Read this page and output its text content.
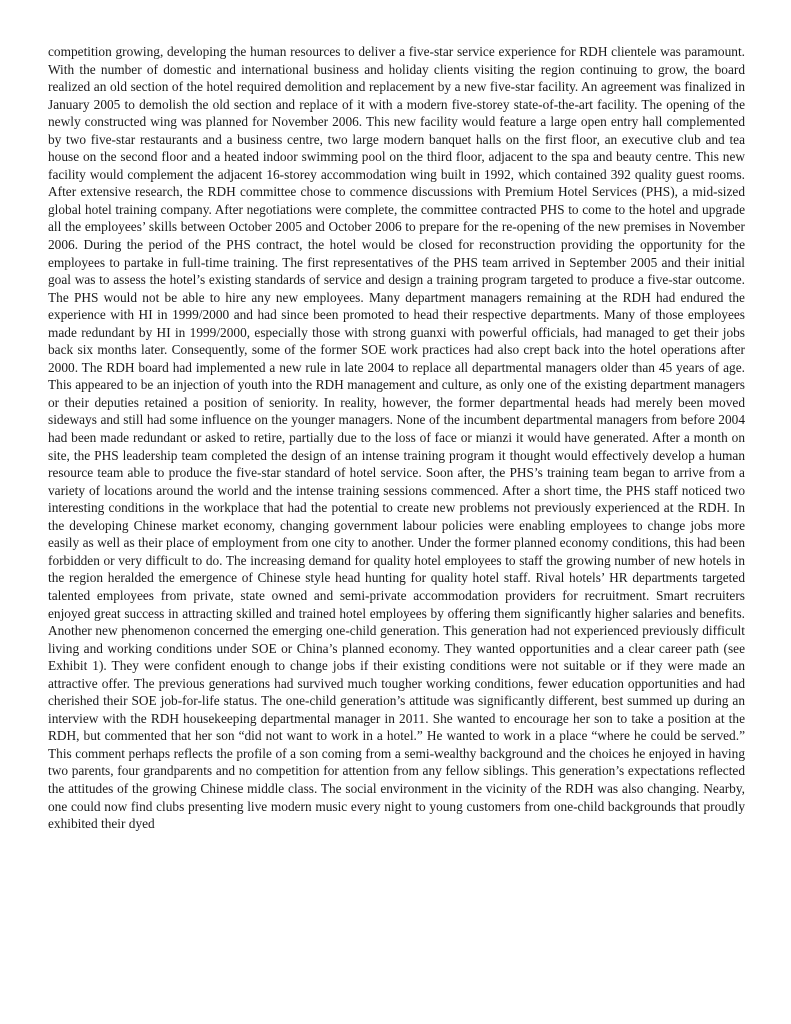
competition growing, developing the human resources to deliver a five-star service experience for RDH clientele was paramount. With the number of domestic and international business and holiday clients visiting the region continuing to grow, the board realized an old section of the hotel required demolition and replacement by a new five-star facility. An agreement was finalized in January 2005 to demolish the old section and replace of it with a modern five-storey state-of-the-art facility. The opening of the newly constructed wing was planned for November 2006. This new facility would feature a large open entry hall complemented by two five-star restaurants and a business centre, two large modern banquet halls on the first floor, an executive club and tea house on the second floor and a heated indoor swimming pool on the third floor, adjacent to the spa and beauty centre. This new facility would complement the adjacent 16-storey accommodation wing built in 1992, which contained 392 quality guest rooms. After extensive research, the RDH committee chose to commence discussions with Premium Hotel Services (PHS), a mid-sized global hotel training company. After negotiations were complete, the committee contracted PHS to come to the hotel and upgrade all the employees’ skills between October 2005 and October 2006 to prepare for the re-opening of the new premises in November 2006. During the period of the PHS contract, the hotel would be closed for reconstruction providing the opportunity for the employees to partake in full-time training. The first representatives of the PHS team arrived in September 2005 and their initial goal was to assess the hotel’s existing standards of service and design a training program targeted to produce a five-star outcome. The PHS would not be able to hire any new employees. Many department managers remaining at the RDH had endured the experience with HI in 1999/2000 and had since been promoted to head their respective departments. Many of those employees made redundant by HI in 1999/2000, especially those with strong guanxi with powerful officials, had managed to get their jobs back six months later. Consequently, some of the former SOE work practices had also crept back into the hotel operations after 2000. The RDH board had implemented a new rule in late 2004 to replace all departmental managers older than 45 years of age. This appeared to be an injection of youth into the RDH management and culture, as only one of the existing department managers or their deputies retained a position of seniority. In reality, however, the former departmental heads had merely been moved sideways and still had some influence on the younger managers. None of the incumbent departmental managers from before 2004 had been made redundant or asked to retire, partially due to the loss of face or mianzi it would have generated. After a month on site, the PHS leadership team completed the design of an intense training program it thought would effectively develop a human resource team able to produce the five-star standard of hotel service. Soon after, the PHS’s training team began to arrive from a variety of locations around the world and the intense training sessions commenced. After a short time, the PHS staff noticed two interesting conditions in the workplace that had the potential to create new problems not previously experienced at the RDH. In the developing Chinese market economy, changing government labour policies were enabling employees to change jobs more easily as well as their place of employment from one city to another. Under the former planned economy conditions, this had been forbidden or very difficult to do. The increasing demand for quality hotel employees to staff the growing number of new hotels in the region heralded the emergence of Chinese style head hunting for quality hotel staff. Rival hotels’ HR departments targeted talented employees from private, state owned and semi-private accommodation providers for recruitment. Smart recruiters enjoyed great success in attracting skilled and trained hotel employees by offering them significantly higher salaries and benefits. Another new phenomenon concerned the emerging one-child generation. This generation had not experienced previously difficult living and working conditions under SOE or China’s planned economy. They wanted opportunities and a clear career path (see Exhibit 1). They were confident enough to change jobs if their existing conditions were not suitable or if they were made an attractive offer. The previous generations had survived much tougher working conditions, fewer education opportunities and had cherished their SOE job-for-life status. The one-child generation’s attitude was significantly different, best summed up during an interview with the RDH housekeeping departmental manager in 2011. She wanted to encourage her son to take a position at the RDH, but commented that her son “did not want to work in a hotel.” He wanted to work in a place “where he could be served.” This comment perhaps reflects the profile of a son coming from a semi-wealthy background and the choices he enjoyed in having two parents, four grandparents and no competition for attention from any fellow siblings. This generation’s expectations reflected the attitudes of the growing Chinese middle class. The social environment in the vicinity of the RDH was also changing. Nearby, one could now find clubs presenting live modern music every night to young customers from one-child backgrounds that proudly exhibited their dyed
